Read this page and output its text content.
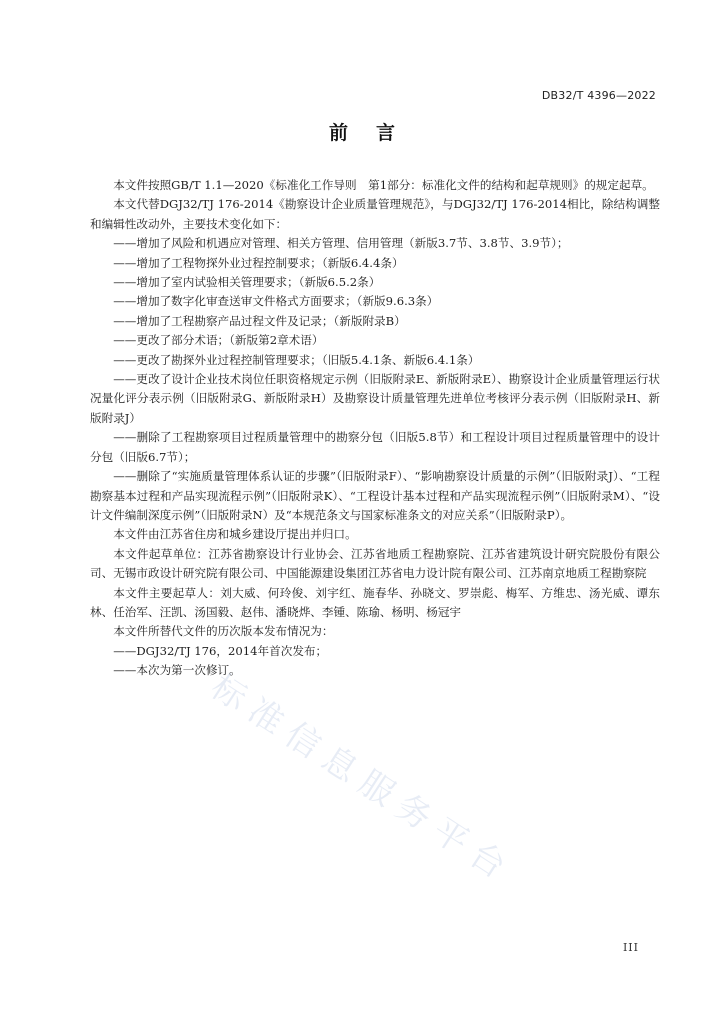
DB32/T 4396—2022
前言
标准信息服务平台

本文件按照GB/T 1.1—2020《标准化工作导则　第1部分：标准化文件的结构和起草规则》的规定起草。

本文代替DGJ32/TJ 176-2014《勘察设计企业质量管理规范》，与DGJ32/TJ 176-2014相比，除结构调整和编辑性改动外，主要技术变化如下：

——增加了风险和机遇应对管理、相关方管理、信用管理（新版3.7节、3.8节、3.9节）；

——增加了工程物探外业过程控制要求；（新版6.4.4条）

——增加了室内试验相关管理要求；（新版6.5.2条）

——增加了数字化审查送审文件格式方面要求；（新版9.6.3条）

——增加了工程勘察产品过程文件及记录；（新版附录B）

——更改了部分术语；（新版第2章术语）

——更改了勘探外业过程控制管理要求；（旧版5.4.1条、新版6.4.1条）

——更改了设计企业技术岗位任职资格规定示例（旧版附录E、新版附录E）、勘察设计企业质量管理运行状况量化评分表示例（旧版附录G、新版附录H）及勘察设计质量管理先进单位考核评分表示例（旧版附录H、新版附录J）

——删除了工程勘察项目过程质量管理中的勘察分包（旧版5.8节）和工程设计项目过程质量管理中的设计分包（旧版6.7节）；

——删除了“实施质量管理体系认证的步骤”（旧版附录F）、“影响勘察设计质量的示例”（旧版附录J）、“工程勘察基本过程和产品实现流程示例”（旧版附录K）、“工程设计基本过程和产品实现流程示例”（旧版附录M）、“设计文件编制深度示例”（旧版附录N）及“本规范条文与国家标准条文的对应关系”（旧版附录P）。

本文件由江苏省住房和城乡建设厅提出并归口。

本文件起草单位：江苏省勘察设计行业协会、江苏省地质工程勘察院、江苏省建筑设计研究院股份有限公司、无锡市政设计研究院有限公司、中国能源建设集团江苏省电力设计院有限公司、江苏南京地质工程勘察院

本文件主要起草人：刘大威、何玲俊、刘宇红、施春华、孙晓文、罗崇彪、梅军、方维忠、汤光威、谭东林、任治军、汪凯、汤国毅、赵伟、潘晓烨、李锺、陈瑜、杨明、杨冠宇

本文件所替代文件的历次版本发布情况为：

——DGJ32/TJ 176，2014年首次发布；

——本次为第一次修订。

III
